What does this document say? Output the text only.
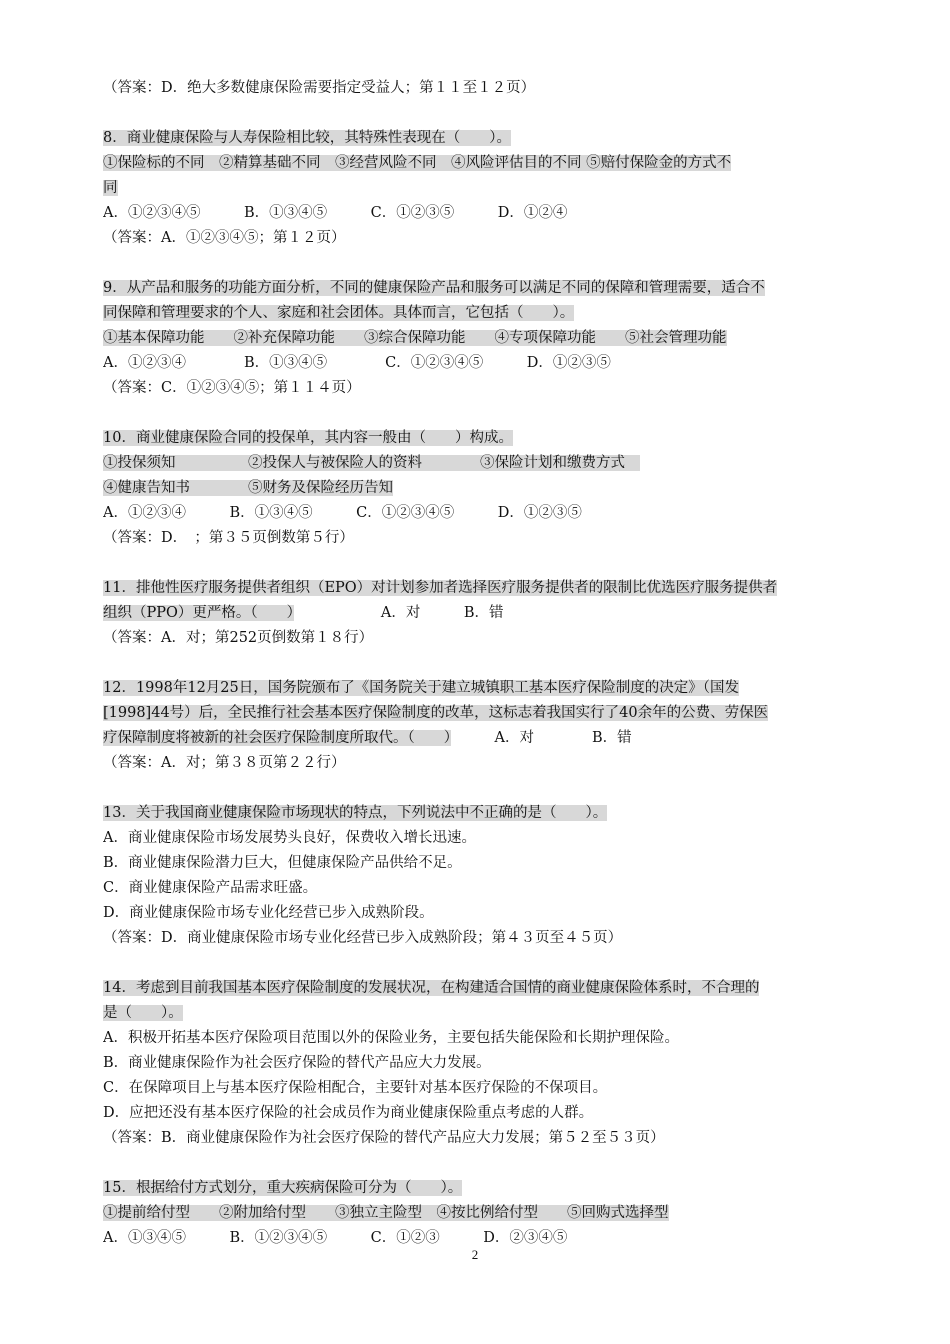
（答案：D．绝大多数健康保险需要指定受益人；第１１至１２页）
8．商业健康保险与人寿保险相比较，其特殊性表现在（　　）。
①保险标的不同　②精算基础不同　③经营风险不同　④风险评估目的不同 ⑤赔付保险金的方式不
同
A．①②③④⑤　　　B．①③④⑤　　　C．①②③⑤　　　D．①②④
（答案：A．①②③④⑤；第１２页）
9．从产品和服务的功能方面分析，不同的健康保险产品和服务可以满足不同的保障和管理需要，适合不
同保障和管理要求的个人、家庭和社会团体。具体而言，它包括（　　）。
①基本保障功能　　②补充保障功能　　③综合保障功能　　④专项保障功能　　⑤社会管理功能
A．①②③④　　　　B．①③④⑤　　　　C．①②③④⑤　　　D．①②③⑤
（答案：C．①②③④⑤；第１１４页）
10．商业健康保险合同的投保单，其内容一般由（　　）构成。
①投保须知　　　　　②投保人与被保险人的资料　　　　③保险计划和缴费方式　
④健康告知书　　　　⑤财务及保险经历告知
A．①②③④　　　B．①③④⑤　　　C．①②③④⑤　　　D．①②③⑤
（答案：D．　；第３５页倒数第５行）
11．排他性医疗服务提供者组织（EPO）对计划参加者选择医疗服务提供者的限制比优选医疗服务提供者
组织（PPO）更严格。（　　）　　　　　　A．对　　　B．错
（答案：A．对；第252页倒数第１８行）
12．1998年12月25日，国务院颁布了《国务院关于建立城镇职工基本医疗保险制度的决定》（国发
[1998]44号）后，全民推行社会基本医疗保险制度的改革，这标志着我国实行了40余年的公费、劳保医
疗保障制度将被新的社会医疗保险制度所取代。（　　）　　　A．对　　　　B．错
（答案：A．对；第３８页第２２行）
13．关于我国商业健康保险市场现状的特点，下列说法中不正确的是（　　）。
A．商业健康保险市场发展势头良好，保费收入增长迅速。
B．商业健康保险潜力巨大，但健康保险产品供给不足。
C．商业健康保险产品需求旺盛。
D．商业健康保险市场专业化经营已步入成熟阶段。
（答案：D．商业健康保险市场专业化经营已步入成熟阶段；第４３页至４５页）
14．考虑到目前我国基本医疗保险制度的发展状况，在构建适合国情的商业健康保险体系时，不合理的
是（　　）。
A．积极开拓基本医疗保险项目范围以外的保险业务，主要包括失能保险和长期护理保险。
B．商业健康保险作为社会医疗保险的替代产品应大力发展。
C．在保障项目上与基本医疗保险相配合，主要针对基本医疗保险的不保项目。
D．应把还没有基本医疗保险的社会成员作为商业健康保险重点考虑的人群。
（答案：B．商业健康保险作为社会医疗保险的替代产品应大力发展；第５２至５３页）
15．根据给付方式划分，重大疾病保险可分为（　　）。
①提前给付型　　②附加给付型　　③独立主险型　④按比例给付型　　⑤回购式选择型
A．①③④⑤　　　B．①②③④⑤　　　C．①②③　　　D．②③④⑤
2
